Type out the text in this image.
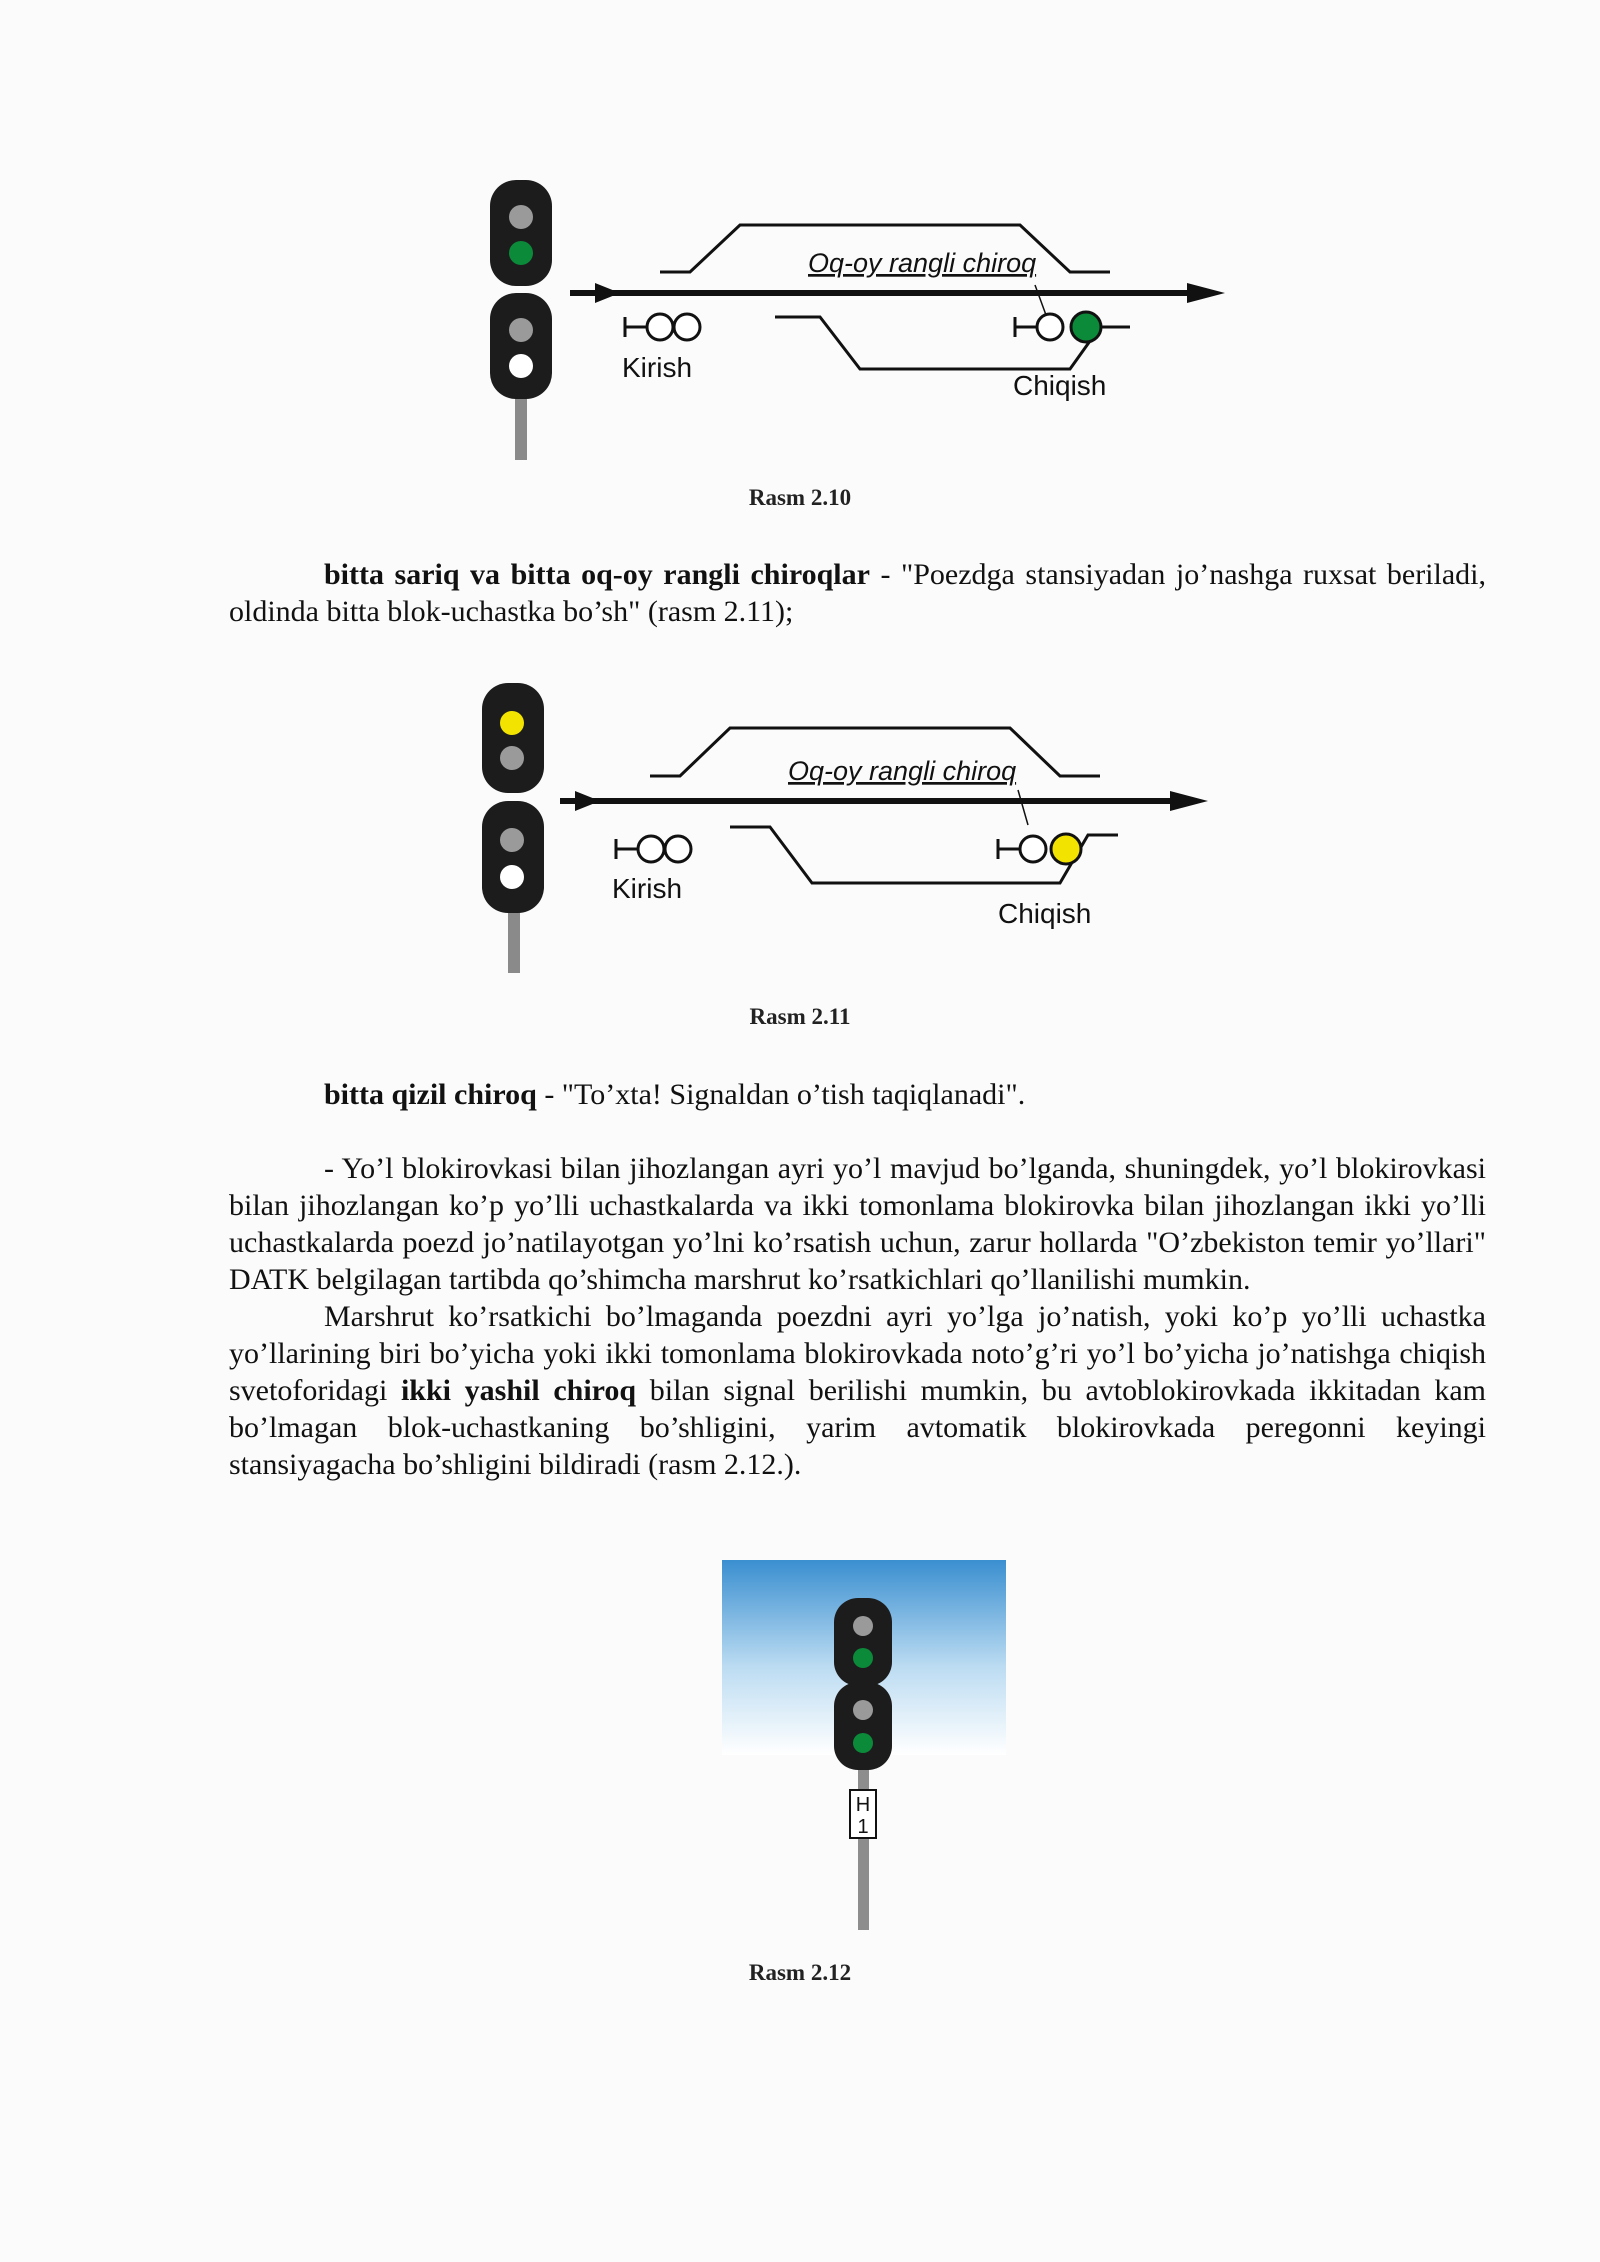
Oq-oy rangli chiroq
Kirish
Chiqish
Rasm 2.10

bitta sariq va bitta oq-oy rangli chiroqlar - "Poezdga stansiyadan jo’nashga ruxsat beriladi, oldinda bitta blok-uchastka bo’sh" (rasm 2.11);

Oq-oy rangli chiroq
Kirish
Chiqish
Rasm 2.11

bitta qizil chiroq - "To’xta! Signaldan o’tish taqiqlanadi".

- Yo’l blokirovkasi bilan jihozlangan ayri yo’l mavjud bo’lganda, shuningdek, yo’l blokirovkasi bilan jihozlangan ko’p yo’lli uchastkalarda va ikki tomonlama blokirovka bilan jihozlangan ikki yo’lli uchastkalarda poezd jo’natilayotgan yo’lni ko’rsatish uchun, zarur hollarda "O’zbekiston temir yo’llari" DATK belgilagan tartibda qo’shimcha marshrut ko’rsatkichlari qo’llanilishi mumkin.

Marshrut ko’rsatkichi bo’lmaganda poezdni ayri yo’lga jo’natish, yoki ko’p yo’lli uchastka yo’llarining biri bo’yicha yoki ikki tomonlama blokirovkada noto’g’ri yo’l bo’yicha jo’natishga chiqish svetoforidagi ikki yashil chiroq bilan signal berilishi mumkin, bu avtoblokirovkada ikkitadan kam bo’lmagan blok-uchastkaning bo’shligini, yarim avtomatik blokirovkada peregonni keyingi stansiyagacha bo’shligini bildiradi (rasm 2.12.).

H
1
Rasm 2.12
